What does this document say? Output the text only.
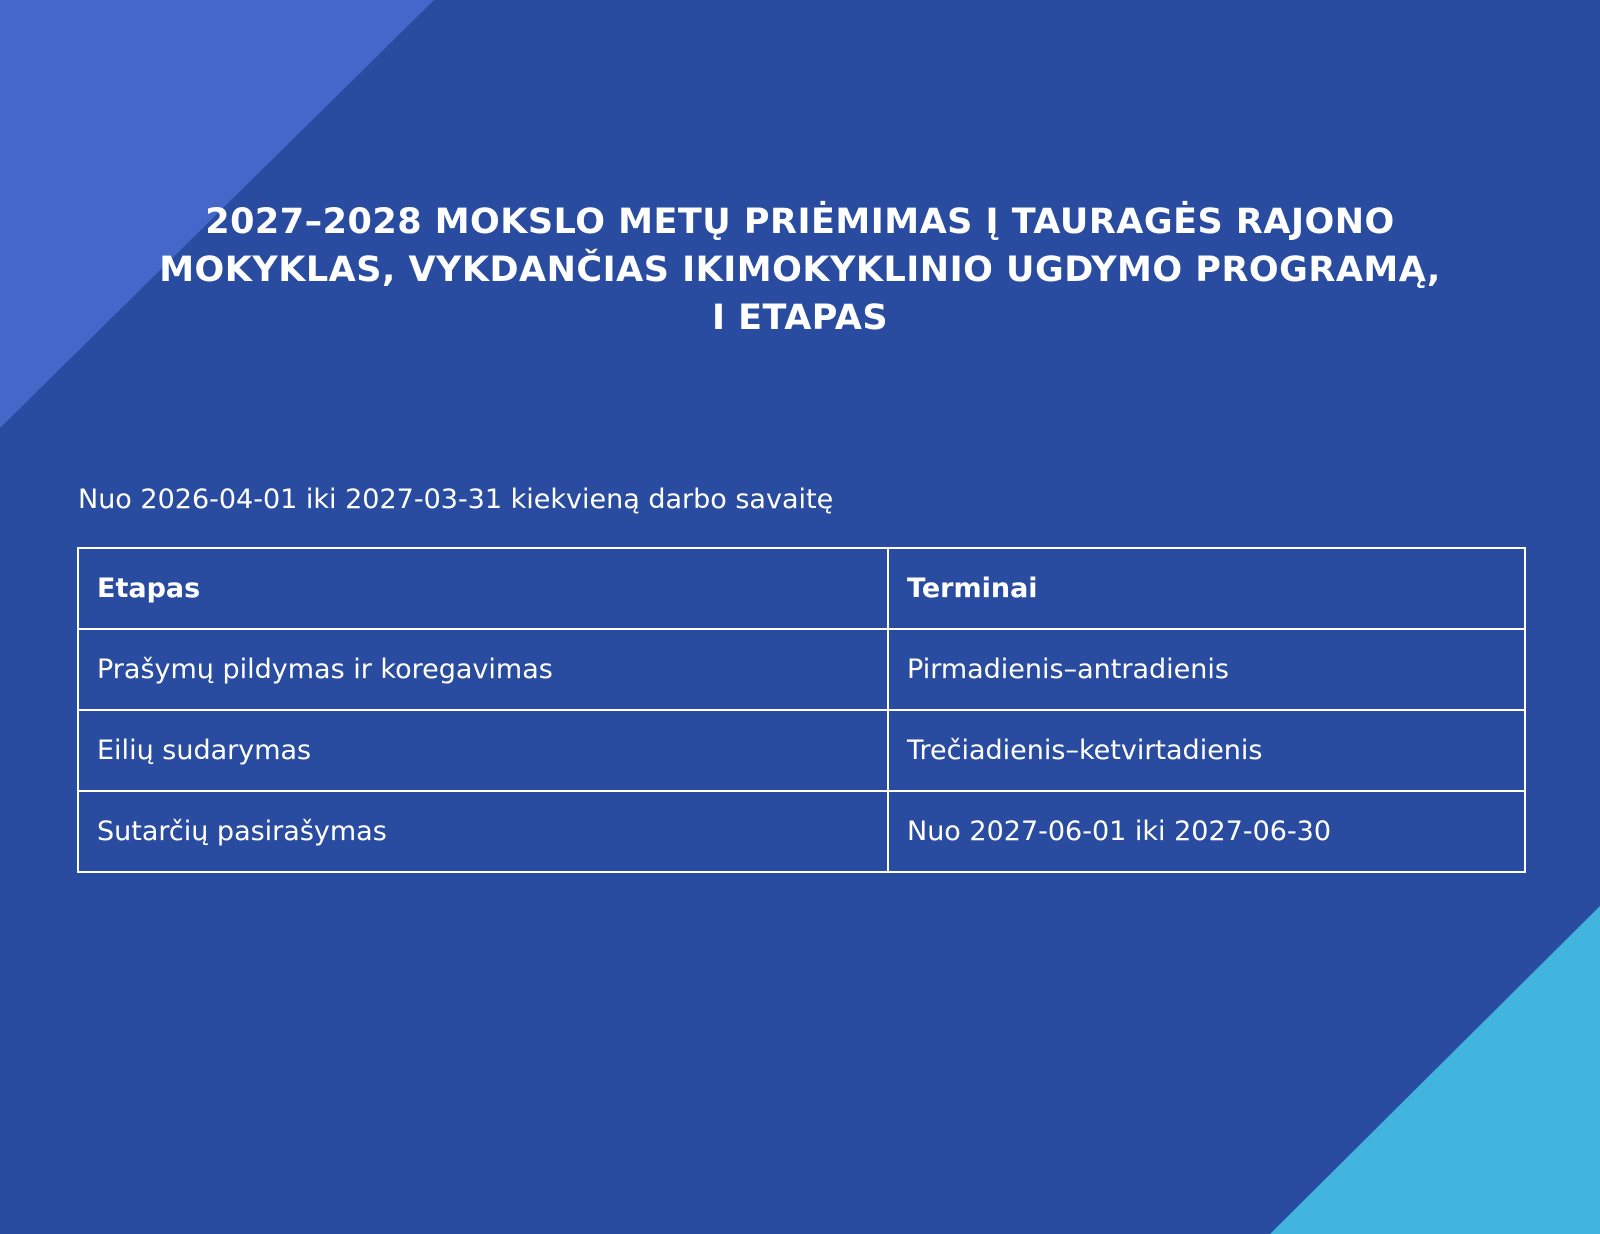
2027–2028 MOKSLO METŲ PRIĖMIMAS Į TAURAGĖS RAJONO
MOKYKLAS, VYKDANČIAS IKIMOKYKLINIO UGDYMO PROGRAMĄ,
I ETAPAS

Nuo 2026-04-01 iki 2027-03-31 kiekvieną darbo savaitę

Etapas	Terminai
Prašymų pildymas ir koregavimas	Pirmadienis–antradienis
Eilių sudarymas	Trečiadienis–ketvirtadienis
Sutarčių pasirašymas	Nuo 2027-06-01 iki 2027-06-30
